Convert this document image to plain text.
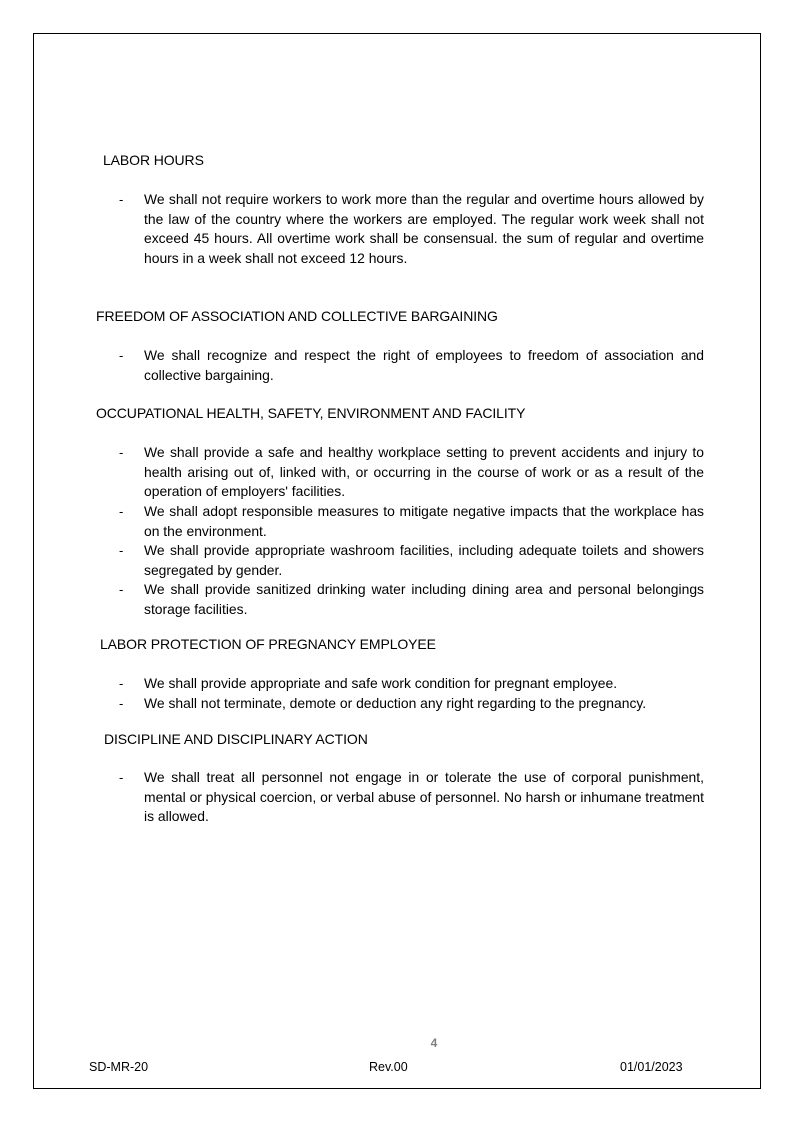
LABOR HOURS
-	We shall not require workers to work more than the regular and overtime hours allowed by the law of the country where the workers are employed. The regular work week shall not exceed 45 hours. All overtime work shall be consensual. the sum of regular and overtime hours in a week shall not exceed 12 hours.
FREEDOM OF ASSOCIATION AND COLLECTIVE BARGAINING
-	We shall recognize and respect the right of employees to freedom of association and collective bargaining.
OCCUPATIONAL HEALTH, SAFETY, ENVIRONMENT AND FACILITY
-	We shall provide a safe and healthy workplace setting to prevent accidents and injury to health arising out of, linked with, or occurring in the course of work or as a result of the operation of employers' facilities.
-	We shall adopt responsible measures to mitigate negative impacts that the workplace has on the environment.
-	We shall provide appropriate washroom facilities, including adequate toilets and showers segregated by gender.
-	We shall provide sanitized drinking water including dining area and personal belongings storage facilities.
LABOR PROTECTION OF PREGNANCY EMPLOYEE
-	We shall provide appropriate and safe work condition for pregnant employee.
-	We shall not terminate, demote or deduction any right regarding to the pregnancy.
DISCIPLINE AND DISCIPLINARY ACTION
-	We shall treat all personnel not engage in or tolerate the use of corporal punishment, mental or physical coercion, or verbal abuse of personnel. No harsh or inhumane treatment is allowed.
4
SD-MR-20	Rev.00	01/01/2023
